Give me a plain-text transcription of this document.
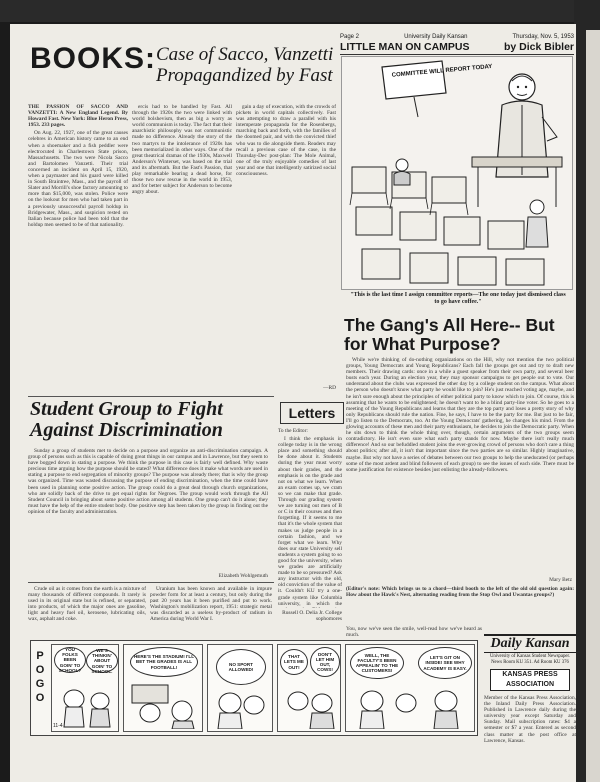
BOOKS: Case of Sacco, Vanzetti Propagandized by Fast

THE PASSION OF SACCO AND VANZETTI: A New England Legend. By Howard Fast. New York: Blue Heron Press, 1953. 233 pages.

On Aug. 22, 1927, one of the great causes celebres in American history came to an end when a shoemaker and a fish peddler were electrocuted in Charlestown State prison, Massachusetts. The two were Nicola Sacco and Bartolomeo Vanzetti. Their trial concerned an incident on April 15, 1920, when a paymaster and his guard were killed in South Braintree, Mass., and the payroll of Slater and Morrill's shoe factory amounting to more than $15,000, was stolen. Police were on the lookout for men who had taken part in a previously unsuccessful payroll holdup in Bridgewater, Mass., and suspicion rested on Italian because police had been told that the holdup men seemed to be of that nationality.

ercis had to be handled by Fast. All through the 1920s the two were linked with world bolshevism, then as big a worry as world communism is today. The fact that their anarchistic philosophy was not communistic made no difference. Already the story of the two martyrs to the intolerance of 1920s has been memorialized in other ways. One of the great theatrical dramas of the 1930s, Maxwell Anderson's Winterset, was based on the trial and its aftermath. But the Fast's Passion, that play remarkable bearing a dead horse, for those two now rescue in the world in 1953, and for better subject for Anderson to become angry about.

gain a day of execution, with the crowds of pickets in world capitals collectively. Fast was attempting to draw a parallel with his intemperate propaganda for the Rosenbergs, marching back and forth, with the families of the doomed pair, and with the convicted thief who was to die alongside them. Readers may recall a previous case of the case, in the Thursday-Dec post-plan: The Mole Animal, one of the truly enjoyable comedies of last year and one that intelligently satirized social consciousness.

—RD
Page 2	University Daily Kansan	Thursday, Nov. 5, 1953
LITTLE MAN ON CAMPUS	by Dick Bibler
COMMITTEE WILL REPORT TODAY
"This is the last time I assign committee reports—The one today just dismissed class to go have coffee."
The Gang's All Here-- But for What Purpose?

While we're thinking of do-nothing organizations on the Hill, why not mention the two political groups, Young Democrats and Young Republicans? Each fall the groups get out and try to draft new members. Their drawing cards: once in a while a guest speaker from their own party, and several beer busts each year. During an election year, they may sponsor campaigns to get people out to vote. Our understand about the clubs was expressed the other day by a college student on the campus. What about the person who doesn't know what party he would like to join? He's just reached voting age, maybe, and he isn't sure enough about the principles of either political party to know which to join. Of course, this is assuming that he wants to be enlightened; he doesn't want to be a blind party-line voter. So he goes to a meeting of the Young Republicans and learns that they are the top party and loses a pretty story of why only Republicans should rule the nation. Fine, he says, I have to be the party for me. But just to be fair, I'll go listen to the Democrats, too. At the Young Democrats' gathering, he changes his mind. From the glowing accounts of these men and their party enthusiasm, he decides to join the Democratic party. When he sits down to think the whole thing over, though, certain arguments of the two groups seem contradictory. He isn't even sure what each party stands for now. Maybe there isn't really much difference! And so our befuddled student joins the ever-growing crowd of persons who don't care a thing about politics; after all, it isn't that important since the two parties are so similar. Highly imaginative, maybe. But why not have a series of debates between our two groups to help the uneducated (or perhaps some of the most ardent and blind followers of each group) to see the issues of each side. There must be some justification for existence besides just enlisting the already-followers.

Mary Betz
(Editor's note: Which brings us to a chord—third booth to the left of the old old question again: How about the Hawk's Nest, alternating reading from the Stop Owl and Uwantas groups?)
Student Group to Fight Against Discrimination

Sunday a group of students met to decide on a purpose and organize an anti-discrimination campaign. A group of persons such as this is capable of doing great things in our campus and in Lawrence, but they seem to have bogged down in stating a purpose. We think the purpose in this case is fairly well defined. Why waste precious time arguing how the purpose should be stated? What difference does it make what words are used in stating a purpose to end segregation of minority groups? The purpose was already there; that is why the group was organized. Time was wasted discussing the purpose of ending discrimination, when the time could have been used in planning some positive action. The group could do a great deal through church organizations, who are solidly back of the drive to get equal rights for Negroes. The group would work through the All Student Council in bringing about some positive action among all students. One group can't do it alone; they must have the help of the entire student body. One positive step has been taken by the group in finding out the opinion of the faculty and administration.

Elizabeth Wohlgemuth

Crude oil as it comes from the earth is a mixture of many thousands of different compounds. It rarely is used in its original state but is refined, or separated, into products, of which the major ones are gasoline, light and heavy fuel oil, kerosene, lubricating oils, wax, asphalt and coke.

Uranium has been known and available in impure powder form for at least a century, but only during the past 20 years has it been purified and put to work. Washington's mobilization report, 1951: strategic metal was discarded as a useless by-product of radium in America during World War I.

Letters

To the Editor:

I think the emphasis in college today is in the wrong place and something should be done about it. Students during the year must worry about their grades, and the emphasis is on the grade and not on what we learn. When an exam comes up, we cram so we can make that grade. Through our grading system we are turning out men of B or C in their courses and then forgetting. If it seems to me that it's the whole system that makes us judge people in a certain fashion, and we forget what we learn. Why does our state University sell students a system going to so good for the university, when we grades are artificially made to be so pressured? Ask any instructor with the old, old conviction of the value of it. Couldn't KU try a one-grade system like Columbia university, in which the

Russell O. Delia Jr. College sophomores
You, now we've seen the smile, well-read how we've heard as much.
Daily Kansan
University of Kansas Student Newspaper. News Room KU 351. Ad Room KU 376
KANSAS PRESS ASSOCIATION
Member of the Kansas Press Association, the Inland Daily Press Association. Published in Lawrence daily during the university year except Saturday and Sunday. Mail subscription rates: $4 a semester or $7 a year. Entered as second class matter at the post office at Lawrence, Kansas.
POGO
YOU FOLKS BEEN GOIN' TO SCHOOL?
WE'S THINKIN' ABOUT GOIN' TO SCHOOL.
HERE'S THE STADIUM! I'LL BET THE GRADES IS ALL FOOTBALL!
NO SPORT ALLOWED!
THAT LETS ME OUT!
DON'T LET HIM OUT, COWS!
WELL, THE FACULTY'S BEEN APPEALIN' TO THE CUSTOMERS!
LET'S GIT ON INSIDE! SEE WHY ACADEMY IS EASY.
11-4
